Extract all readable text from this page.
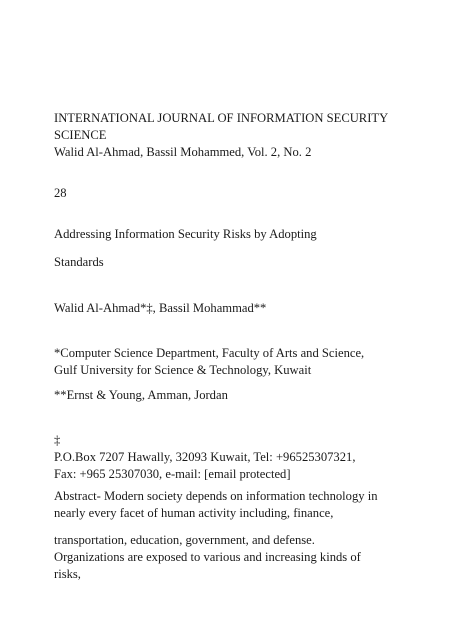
INTERNATIONAL JOURNAL OF INFORMATION SECURITY
SCIENCE
Walid Al-Ahmad, Bassil Mohammed, Vol. 2, No. 2
28
Addressing Information Security Risks by Adopting
Standards
Walid Al-Ahmad*‡, Bassil Mohammad**
*Computer Science Department, Faculty of Arts and Science,
Gulf University for Science & Technology, Kuwait
**Ernst & Young, Amman, Jordan
‡
P.O.Box 7207 Hawally, 32093 Kuwait, Tel: +96525307321,
Fax: +965 25307030, e-mail: [email protected]
Abstract- Modern society depends on information technology in
nearly every facet of human activity including, finance,
transportation, education, government, and defense.
Organizations are exposed to various and increasing kinds of
risks,
